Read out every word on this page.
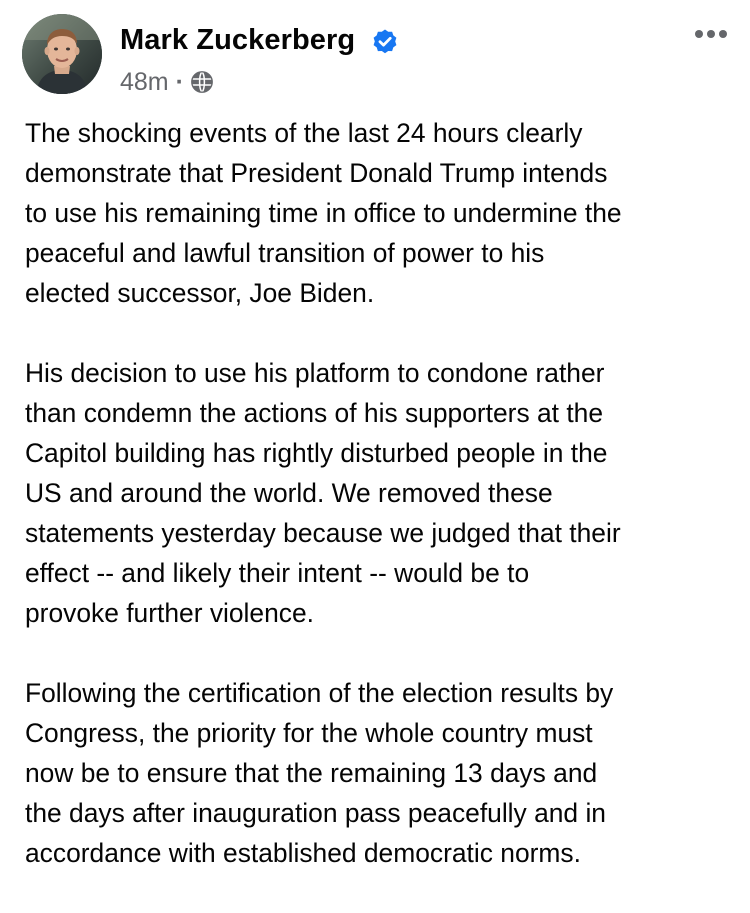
Mark Zuckerberg
48m ·

The shocking events of the last 24 hours clearly
demonstrate that President Donald Trump intends
to use his remaining time in office to undermine the
peaceful and lawful transition of power to his
elected successor, Joe Biden.

His decision to use his platform to condone rather
than condemn the actions of his supporters at the
Capitol building has rightly disturbed people in the
US and around the world. We removed these
statements yesterday because we judged that their
effect -- and likely their intent -- would be to
provoke further violence.

Following the certification of the election results by
Congress, the priority for the whole country must
now be to ensure that the remaining 13 days and
the days after inauguration pass peacefully and in
accordance with established democratic norms.
